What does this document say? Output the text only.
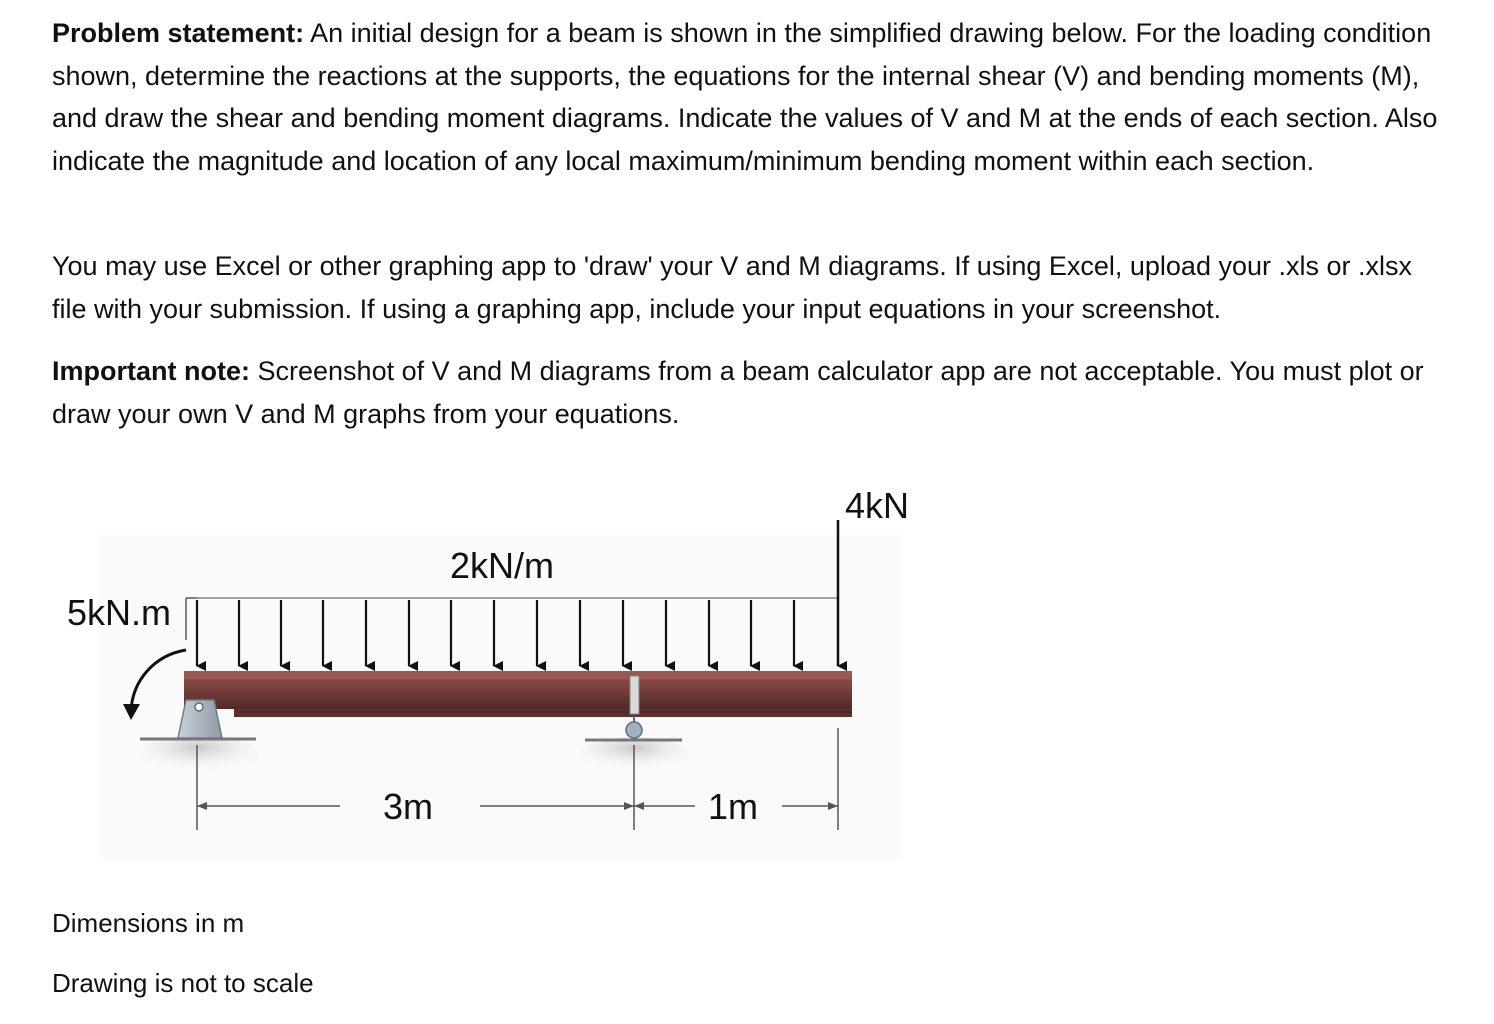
Problem statement: An initial design for a beam is shown in the simplified drawing below. For the loading condition shown, determine the reactions at the supports, the equations for the internal shear (V) and bending moments (M), and draw the shear and bending moment diagrams. Indicate the values of V and M at the ends of each section. Also indicate the magnitude and location of any local maximum/minimum bending moment within each section.

You may use Excel or other graphing app to 'draw' your V and M diagrams. If using Excel, upload your .xls or .xlsx file with your submission. If using a graphing app, include your input equations in your screenshot.

Important note: Screenshot of V and M diagrams from a beam calculator app are not acceptable. You must plot or draw your own V and M graphs from your equations.

4kN
2kN/m
5kN.m
3m	1m
Dimensions in m
Drawing is not to scale
